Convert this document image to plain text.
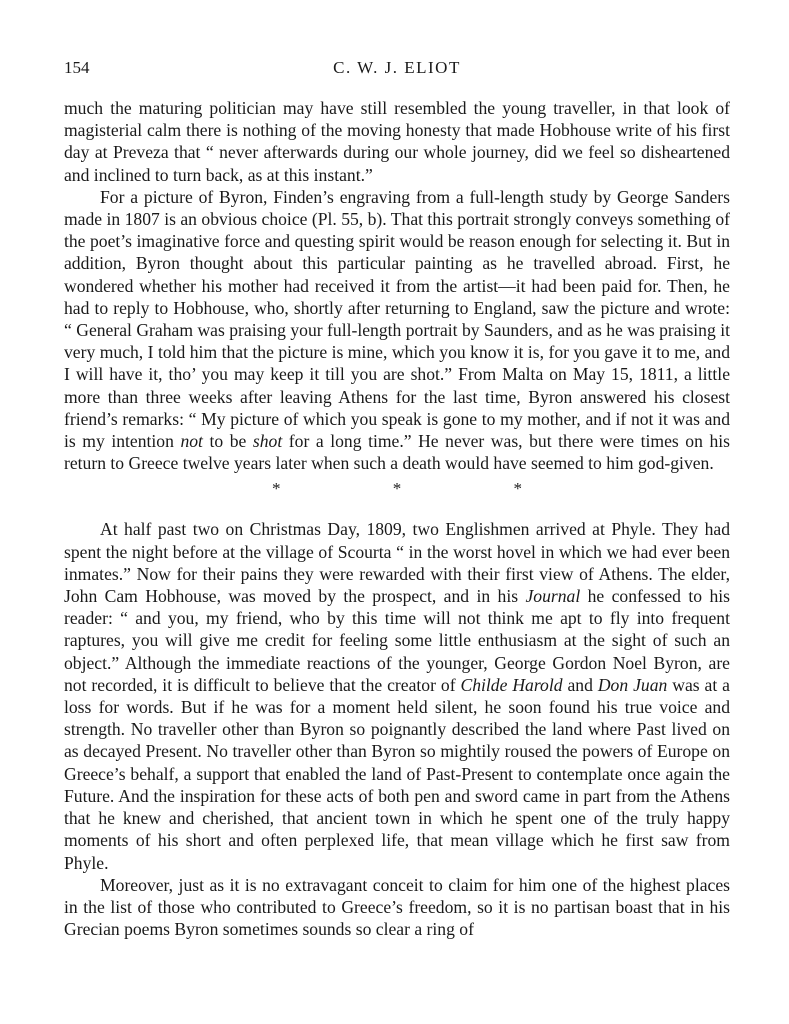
154	C. W. J. ELIOT

much the maturing politician may have still resembled the young traveller, in that look of magisterial calm there is nothing of the moving honesty that made Hobhouse write of his first day at Preveza that “ never afterwards during our whole journey, did we feel so disheartened and inclined to turn back, as at this instant.”

For a picture of Byron, Finden’s engraving from a full-length study by George Sanders made in 1807 is an obvious choice (Pl. 55, b). That this portrait strongly conveys something of the poet’s imaginative force and questing spirit would be reason enough for selecting it. But in addition, Byron thought about this particular painting as he travelled abroad. First, he wondered whether his mother had received it from the artist—it had been paid for. Then, he had to reply to Hobhouse, who, shortly after returning to England, saw the picture and wrote: “ General Graham was praising your full-length portrait by Saunders, and as he was praising it very much, I told him that the picture is mine, which you know it is, for you gave it to me, and I will have it, tho’ you may keep it till you are shot.” From Malta on May 15, 1811, a little more than three weeks after leaving Athens for the last time, Byron answered his closest friend’s remarks: “ My picture of which you speak is gone to my mother, and if not it was and is my intention not to be shot for a long time.” He never was, but there were times on his return to Greece twelve years later when such a death would have seemed to him god-given.

* * *

At half past two on Christmas Day, 1809, two Englishmen arrived at Phyle. They had spent the night before at the village of Scourta “ in the worst hovel in which we had ever been inmates.” Now for their pains they were rewarded with their first view of Athens. The elder, John Cam Hobhouse, was moved by the prospect, and in his Journal he confessed to his reader: “ and you, my friend, who by this time will not think me apt to fly into frequent raptures, you will give me credit for feeling some little enthusiasm at the sight of such an object.” Although the immediate reactions of the younger, George Gordon Noel Byron, are not recorded, it is difficult to believe that the creator of Childe Harold and Don Juan was at a loss for words. But if he was for a moment held silent, he soon found his true voice and strength. No traveller other than Byron so poignantly described the land where Past lived on as decayed Present. No traveller other than Byron so mightily roused the powers of Europe on Greece’s behalf, a support that enabled the land of Past-Present to contemplate once again the Future. And the inspiration for these acts of both pen and sword came in part from the Athens that he knew and cherished, that ancient town in which he spent one of the truly happy moments of his short and often perplexed life, that mean village which he first saw from Phyle.

Moreover, just as it is no extravagant conceit to claim for him one of the highest places in the list of those who contributed to Greece’s freedom, so it is no partisan boast that in his Grecian poems Byron sometimes sounds so clear a ring of
